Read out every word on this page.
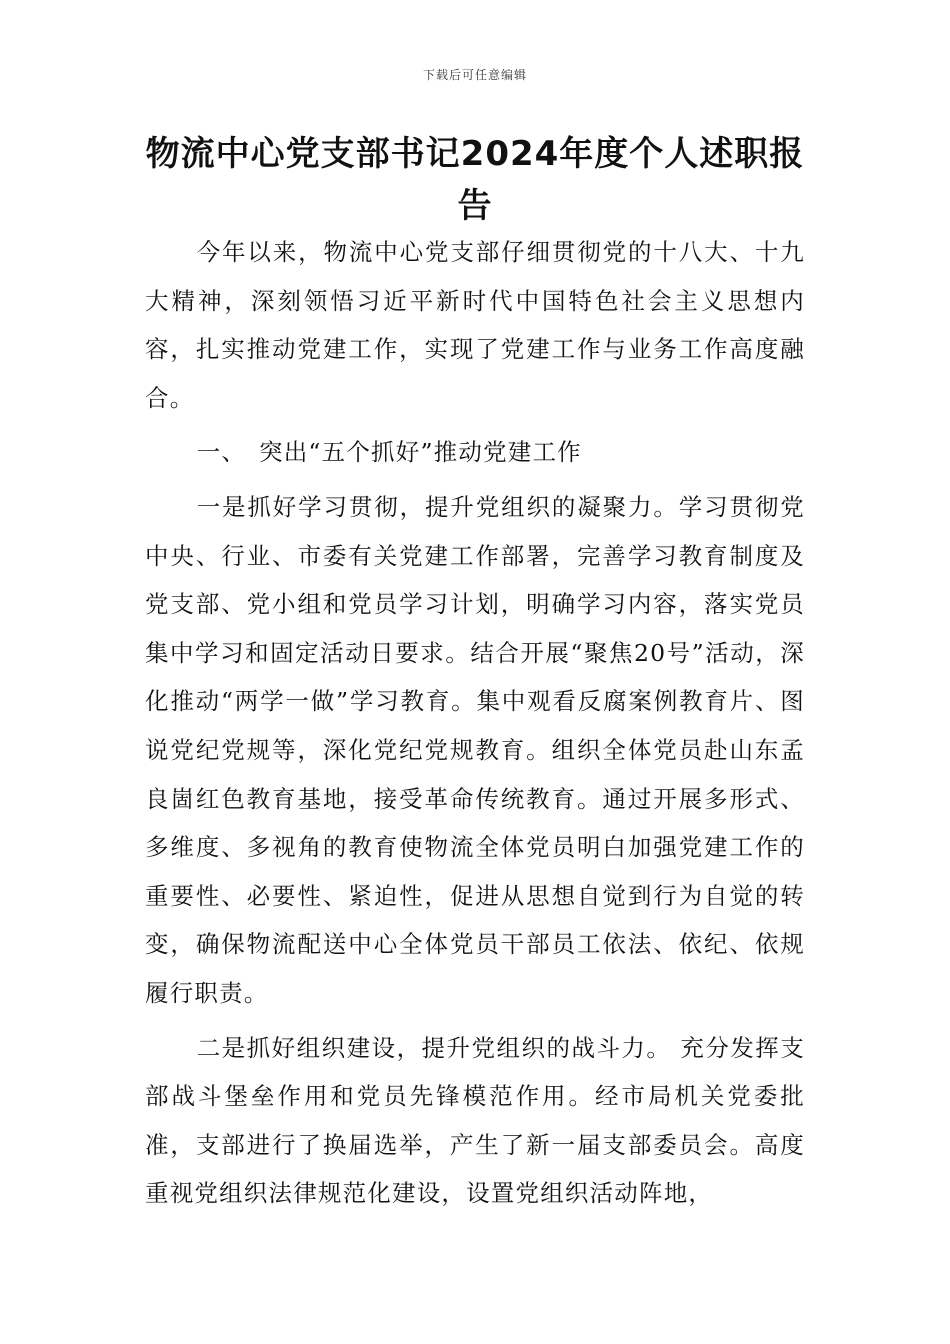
下载后可任意编辑
物流中心党支部书记2024年度个人述职报告

今年以来，物流中心党支部仔细贯彻党的十八大、十九大精神，深刻领悟习近平新时代中国特色社会主义思想内容，扎实推动党建工作，实现了党建工作与业务工作高度融合。

一、　突出“五个抓好”推动党建工作

一是抓好学习贯彻，提升党组织的凝聚力。学习贯彻党中央、行业、市委有关党建工作部署，完善学习教育制度及党支部、党小组和党员学习计划，明确学习内容，落实党员集中学习和固定活动日要求。结合开展“聚焦20号”活动，深化推动“两学一做”学习教育。集中观看反腐案例教育片、图说党纪党规等，深化党纪党规教育。组织全体党员赴山东孟良崮红色教育基地，接受革命传统教育。通过开展多形式、多维度、多视角的教育使物流全体党员明白加强党建工作的重要性、必要性、紧迫性，促进从思想自觉到行为自觉的转变，确保物流配送中心全体党员干部员工依法、依纪、依规履行职责。

二是抓好组织建设，提升党组织的战斗力。 充分发挥支部战斗堡垒作用和党员先锋模范作用。经市局机关党委批准，支部进行了换届选举，产生了新一届支部委员会。高度重视党组织法律规范化建设，设置党组织活动阵地，
